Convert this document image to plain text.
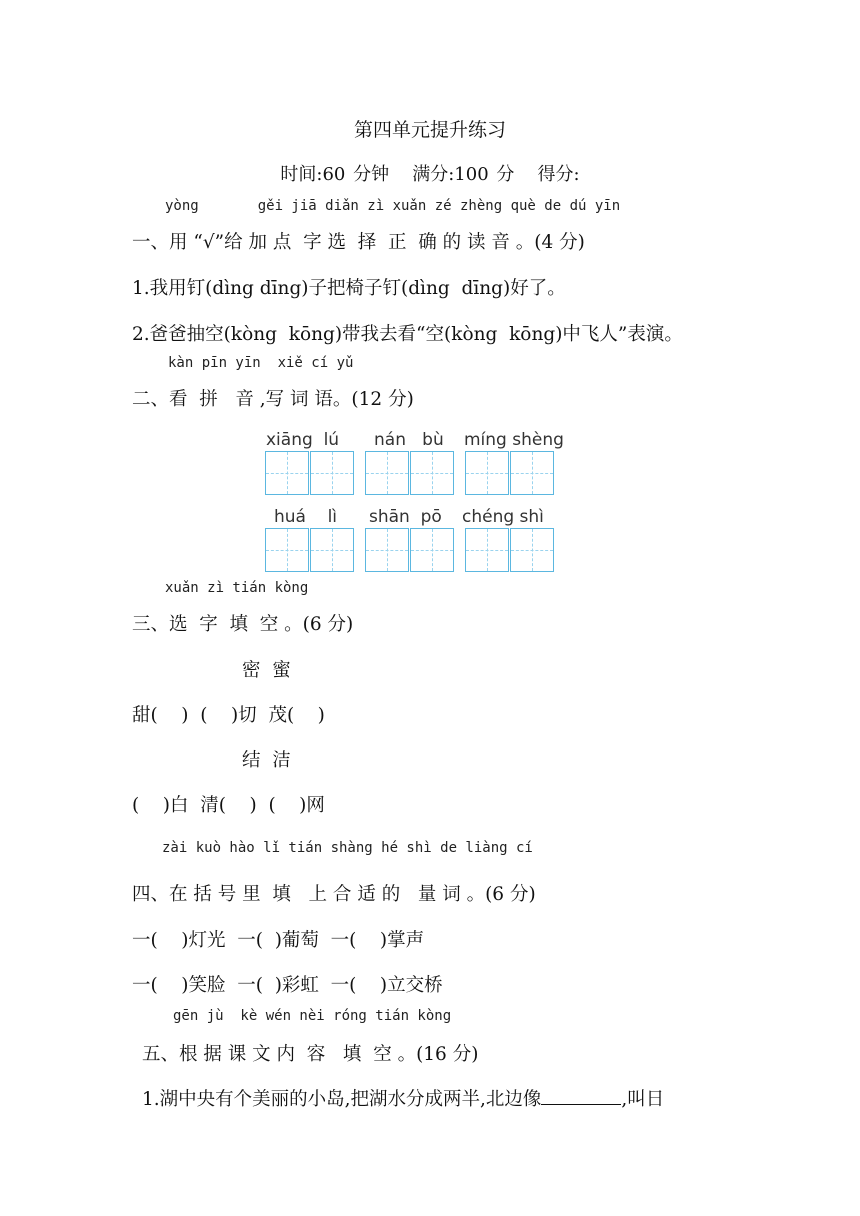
第四单元提升练习
时间:60 分钟   满分:100 分   得分:
yòng       gěi jiā diǎn zì xuǎn zé zhèng què de dú yīn
一、用 “√”给 加 点  字 选  择  正  确 的 读 音 。(4 分)
1.我用钉(dìng dīng)子把椅子钉(dìng  dīng)好了。
2.爸爸抽空(kòng  kōng)带我去看“空(kòng  kōng)中飞人”表演。
kàn pīn yīn  xiě cí yǔ
二、看  拼   音 ,写 词 语。(12 分)
xiāng  lú nán   bù míng shèng
huá    lì shān  pō chéng shì
xuǎn zì tián kòng
三、选  字  填  空 。(6 分)
密  蜜
甜(    )  (    )切  茂(    )
结  洁
(    )白  清(    )  (    )网
zài kuò hào lǐ tián shàng hé shì de liàng cí
四、在 括 号 里  填   上 合 适 的   量 词 。(6 分)
一(    )灯光  一(  )葡萄  一(    )掌声
一(    )笑脸  一(  )彩虹  一(    )立交桥
gēn jù  kè wén nèi róng tián kòng
五、根 据 课 文 内  容   填  空 。(16 分)
1.湖中央有个美丽的小岛,把湖水分成两半,北边像	,叫日
